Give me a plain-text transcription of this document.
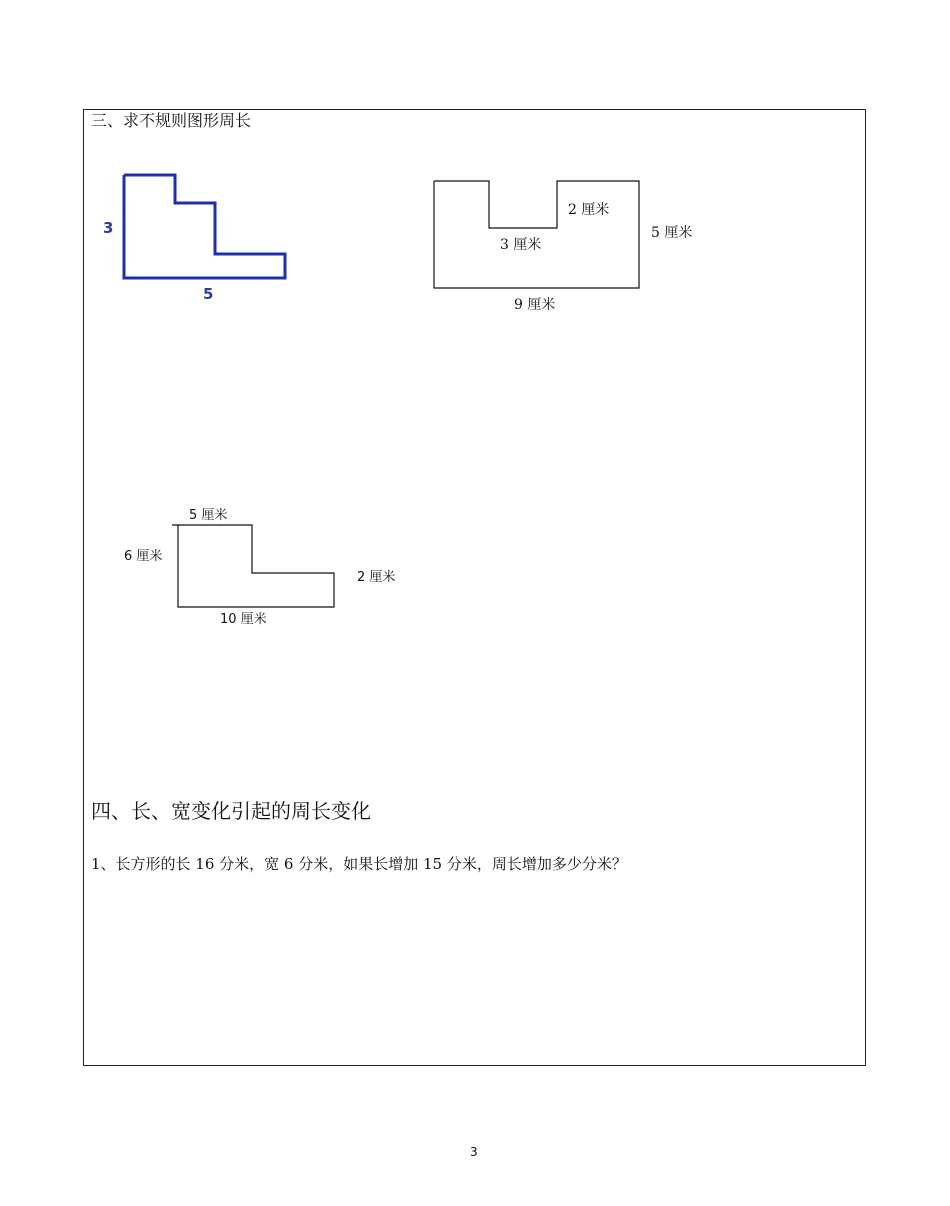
三、求不规则图形周长
3
5
2 厘米
3 厘米
5 厘米
9 厘米
5 厘米
6 厘米
2 厘米
10 厘米
四、长、宽变化引起的周长变化
1、长方形的长 16 分米，宽 6 分米，如果长增加 15 分米，周长增加多少分米？
3
